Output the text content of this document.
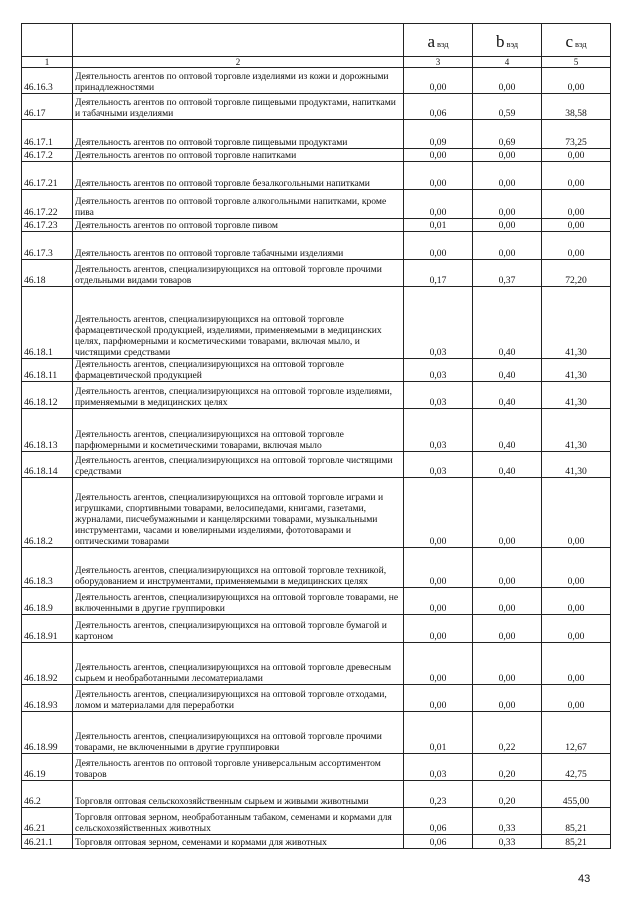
		a вэд	b вэд	c вэд
1	2	3	4	5
46.16.3	Деятельность агентов по оптовой торговле изделиями из кожи и дорожными принадлежностями	0,00	0,00	0,00
46.17	Деятельность агентов по оптовой торговле пищевыми продуктами, напитками и табачными изделиями	0,06	0,59	38,58
46.17.1	Деятельность агентов по оптовой торговле пищевыми продуктами	0,09	0,69	73,25
46.17.2	Деятельность агентов по оптовой торговле напитками	0,00	0,00	0,00
46.17.21	Деятельность агентов по оптовой торговле безалкогольными напитками	0,00	0,00	0,00
46.17.22	Деятельность агентов по оптовой торговле алкогольными напитками, кроме пива	0,00	0,00	0,00
46.17.23	Деятельность агентов по оптовой торговле пивом	0,01	0,00	0,00
46.17.3	Деятельность агентов по оптовой торговле табачными изделиями	0,00	0,00	0,00
46.18	Деятельность агентов, специализирующихся на оптовой торговле прочими отдельными видами товаров	0,17	0,37	72,20
46.18.1	Деятельность агентов, специализирующихся на оптовой торговле фармацевтической продукцией, изделиями, применяемыми в медицинских целях, парфюмерными и косметическими товарами, включая мыло, и чистящими средствами	0,03	0,40	41,30
46.18.11	Деятельность агентов, специализирующихся на оптовой торговле фармацевтической продукцией	0,03	0,40	41,30
46.18.12	Деятельность агентов, специализирующихся на оптовой торговле изделиями, применяемыми в медицинских целях	0,03	0,40	41,30
46.18.13	Деятельность агентов, специализирующихся на оптовой торговле парфюмерными и косметическими товарами, включая мыло	0,03	0,40	41,30
46.18.14	Деятельность агентов, специализирующихся на оптовой торговле чистящими средствами	0,03	0,40	41,30
46.18.2	Деятельность агентов, специализирующихся на оптовой торговле играми и игрушками, спортивными товарами, велосипедами, книгами, газетами, журналами, писчебумажными и канцелярскими товарами, музыкальными инструментами, часами и ювелирными изделиями, фототоварами и оптическими товарами	0,00	0,00	0,00
46.18.3	Деятельность агентов, специализирующихся на оптовой торговле техникой, оборудованием и инструментами, применяемыми в медицинских целях	0,00	0,00	0,00
46.18.9	Деятельность агентов, специализирующихся на оптовой торговле товарами, не включенными в другие группировки	0,00	0,00	0,00
46.18.91	Деятельность агентов, специализирующихся на оптовой торговле бумагой и картоном	0,00	0,00	0,00
46.18.92	Деятельность агентов, специализирующихся на оптовой торговле древесным сырьем и необработанными лесоматериалами	0,00	0,00	0,00
46.18.93	Деятельность агентов, специализирующихся на оптовой торговле отходами, ломом и материалами для переработки	0,00	0,00	0,00
46.18.99	Деятельность агентов, специализирующихся на оптовой торговле прочими товарами, не включенными в другие группировки	0,01	0,22	12,67
46.19	Деятельность агентов по оптовой торговле универсальным ассортиментом товаров	0,03	0,20	42,75
46.2	Торговля оптовая сельскохозяйственным сырьем и живыми животными	0,23	0,20	455,00
46.21	Торговля оптовая зерном, необработанным табаком, семенами и кормами для сельскохозяйственных животных	0,06	0,33	85,21
46.21.1	Торговля оптовая зерном, семенами и кормами для животных	0,06	0,33	85,21
43
